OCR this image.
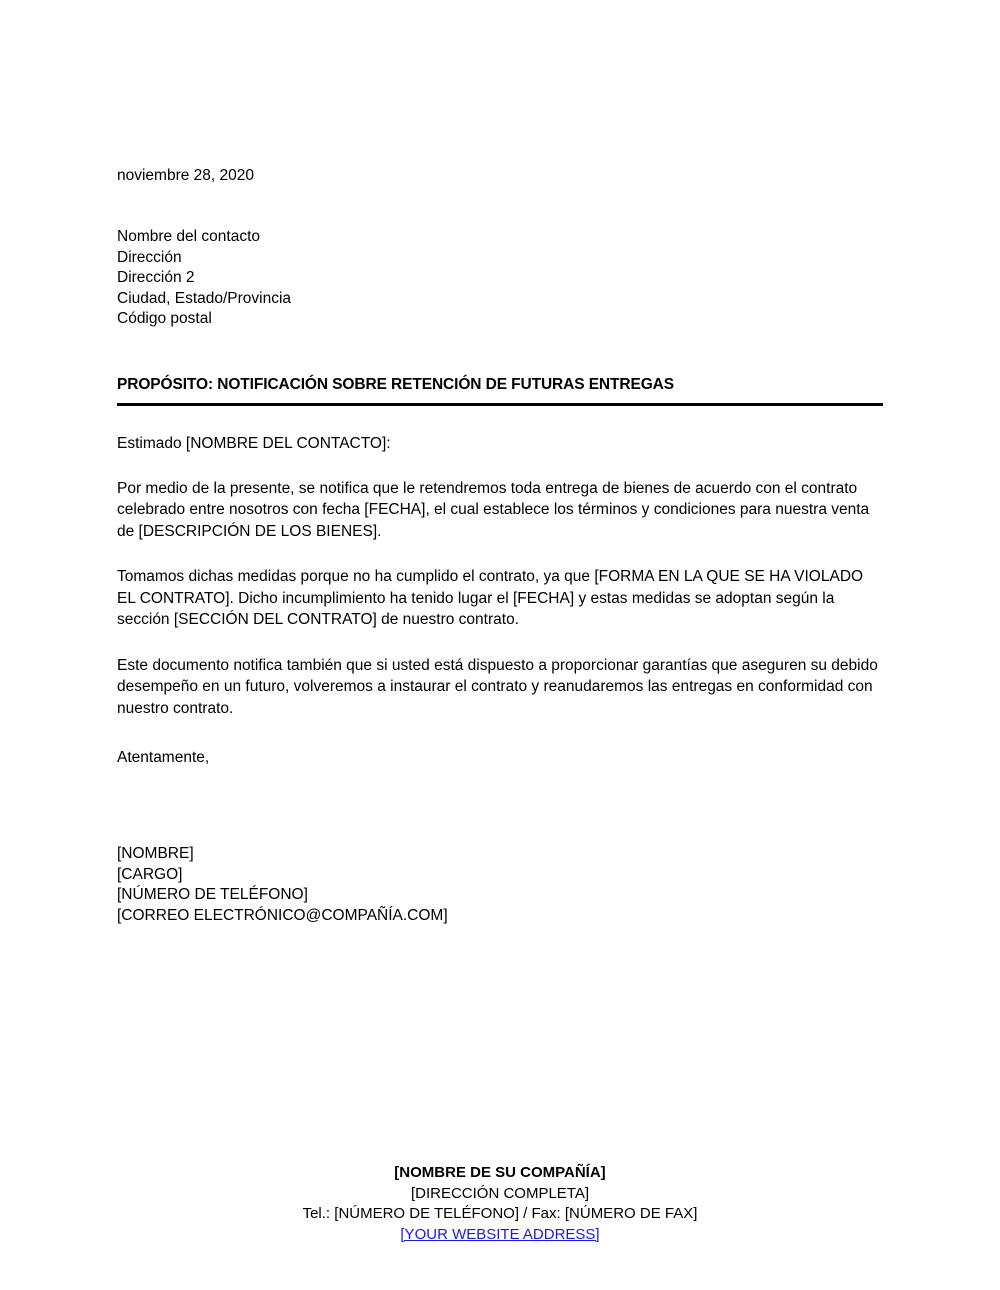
noviembre 28, 2020
Nombre del contacto
Dirección
Dirección 2
Ciudad, Estado/Provincia
Código postal
PROPÓSITO: NOTIFICACIÓN SOBRE RETENCIÓN DE FUTURAS ENTREGAS
Estimado [NOMBRE DEL CONTACTO]:

Por medio de la presente, se notifica que le retendremos toda entrega de bienes de acuerdo con el contrato celebrado entre nosotros con fecha [FECHA], el cual establece los términos y condiciones para nuestra venta de [DESCRIPCIÓN DE LOS BIENES].

Tomamos dichas medidas porque no ha cumplido el contrato, ya que [FORMA EN LA QUE SE HA VIOLADO EL CONTRATO]. Dicho incumplimiento ha tenido lugar el [FECHA] y estas medidas se adoptan según la sección [SECCIÓN DEL CONTRATO] de nuestro contrato.

Este documento notifica también que si usted está dispuesto a proporcionar garantías que aseguren su debido desempeño en un futuro, volveremos a instaurar el contrato y reanudaremos las entregas en conformidad con nuestro contrato.

Atentamente,
[NOMBRE]
[CARGO]
[NÚMERO DE TELÉFONO]
[CORREO ELECTRÓNICO@COMPAÑÍA.COM]
[NOMBRE DE SU COMPAÑÍA]
[DIRECCIÓN COMPLETA]
Tel.: [NÚMERO DE TELÉFONO] / Fax: [NÚMERO DE FAX]
[YOUR WEBSITE ADDRESS]
